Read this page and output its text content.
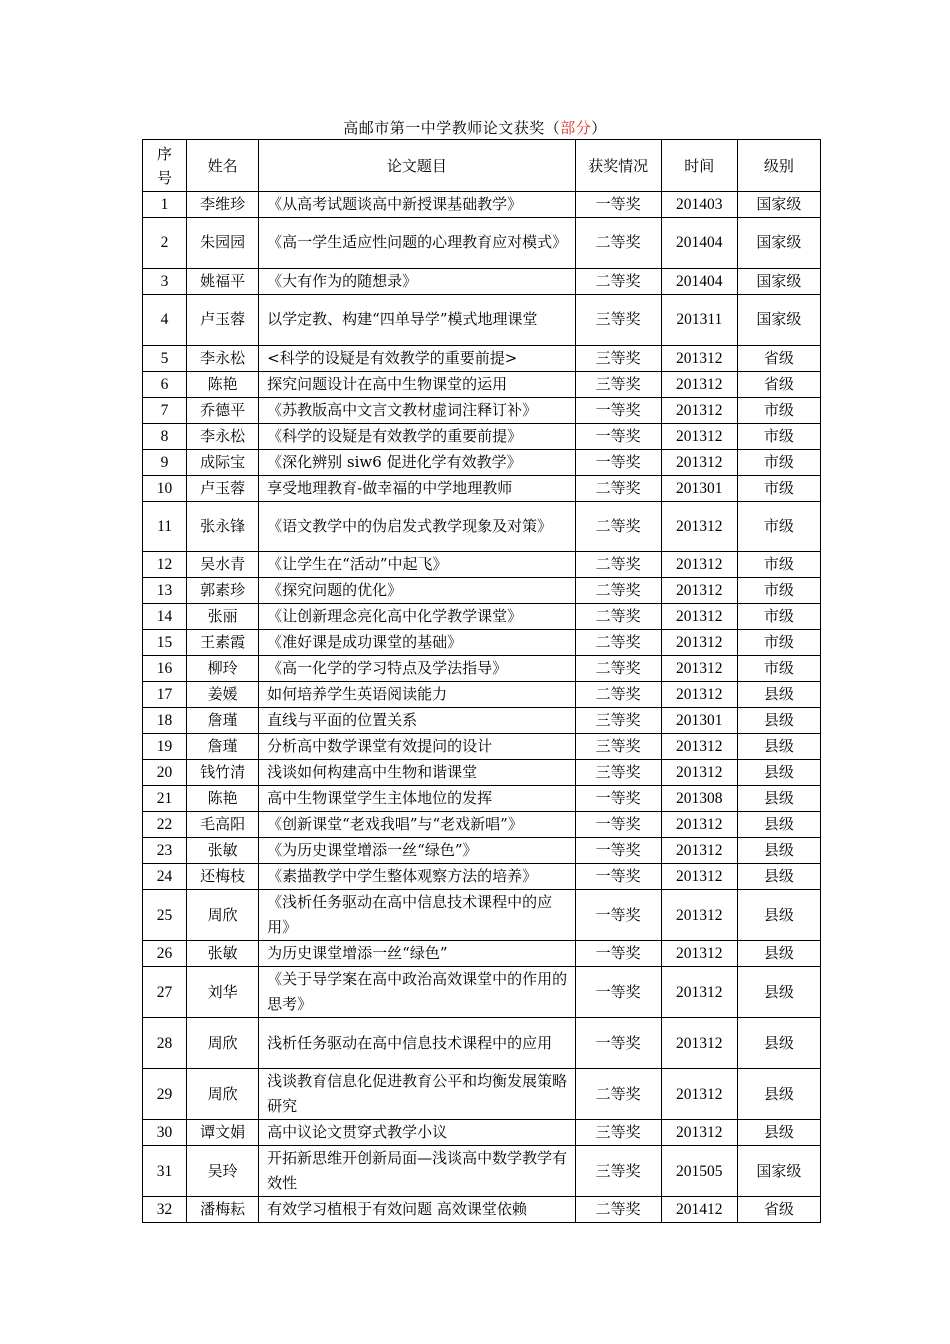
高邮市第一中学教师论文获奖（部分）
序
号	姓名	论文题目	获奖情况	时间	级别
1	李维珍	《从高考试题谈高中新授课基础教学》	一等奖	201403	国家级
2	朱园园	《高一学生适应性问题的心理教育应对模式》	二等奖	201404	国家级
3	姚福平	《大有作为的随想录》	二等奖	201404	国家级
4	卢玉蓉	以学定教、构建“四单导学”模式地理课堂	三等奖	201311	国家级
5	李永松	<科学的设疑是有效教学的重要前提>	三等奖	201312	省级
6	陈艳	探究问题设计在高中生物课堂的运用	三等奖	201312	省级
7	乔德平	《苏教版高中文言文教材虚词注释订补》	一等奖	201312	市级
8	李永松	《科学的设疑是有效教学的重要前提》	一等奖	201312	市级
9	成际宝	《深化辨别 siw6 促进化学有效教学》	一等奖	201312	市级
10	卢玉蓉	享受地理教育-做幸福的中学地理教师	二等奖	201301	市级
11	张永锋	《语文教学中的伪启发式教学现象及对策》	二等奖	201312	市级
12	吴水青	《让学生在“活动”中起飞》	二等奖	201312	市级
13	郭素珍	《探究问题的优化》	二等奖	201312	市级
14	张丽	《让创新理念亮化高中化学教学课堂》	二等奖	201312	市级
15	王素霞	《准好课是成功课堂的基础》	二等奖	201312	市级
16	柳玲	《高一化学的学习特点及学法指导》	二等奖	201312	市级
17	姜媛	如何培养学生英语阅读能力	二等奖	201312	县级
18	詹瑾	直线与平面的位置关系	三等奖	201301	县级
19	詹瑾	分析高中数学课堂有效提问的设计	三等奖	201312	县级
20	钱竹清	浅谈如何构建高中生物和谐课堂	三等奖	201312	县级
21	陈艳	高中生物课堂学生主体地位的发挥	一等奖	201308	县级
22	毛高阳	《创新课堂“老戏我唱”与“老戏新唱”》	一等奖	201312	县级
23	张敏	《为历史课堂增添一丝“绿色”》	一等奖	201312	县级
24	还梅枝	《素描教学中学生整体观察方法的培养》	一等奖	201312	县级
25	周欣	《浅析任务驱动在高中信息技术课程中的应用》	一等奖	201312	县级
26	张敏	为历史课堂增添一丝“绿色”	一等奖	201312	县级
27	刘华	《关于导学案在高中政治高效课堂中的作用的思考》	一等奖	201312	县级
28	周欣	浅析任务驱动在高中信息技术课程中的应用	一等奖	201312	县级
29	周欣	浅谈教育信息化促进教育公平和均衡发展策略研究	二等奖	201312	县级
30	谭文娟	高中议论文贯穿式教学小议	三等奖	201312	县级
31	吴玲	开拓新思维开创新局面—浅谈高中数学教学有效性	三等奖	201505	国家级
32	潘梅耘	有效学习植根于有效问题 高效课堂依赖	二等奖	201412	省级
